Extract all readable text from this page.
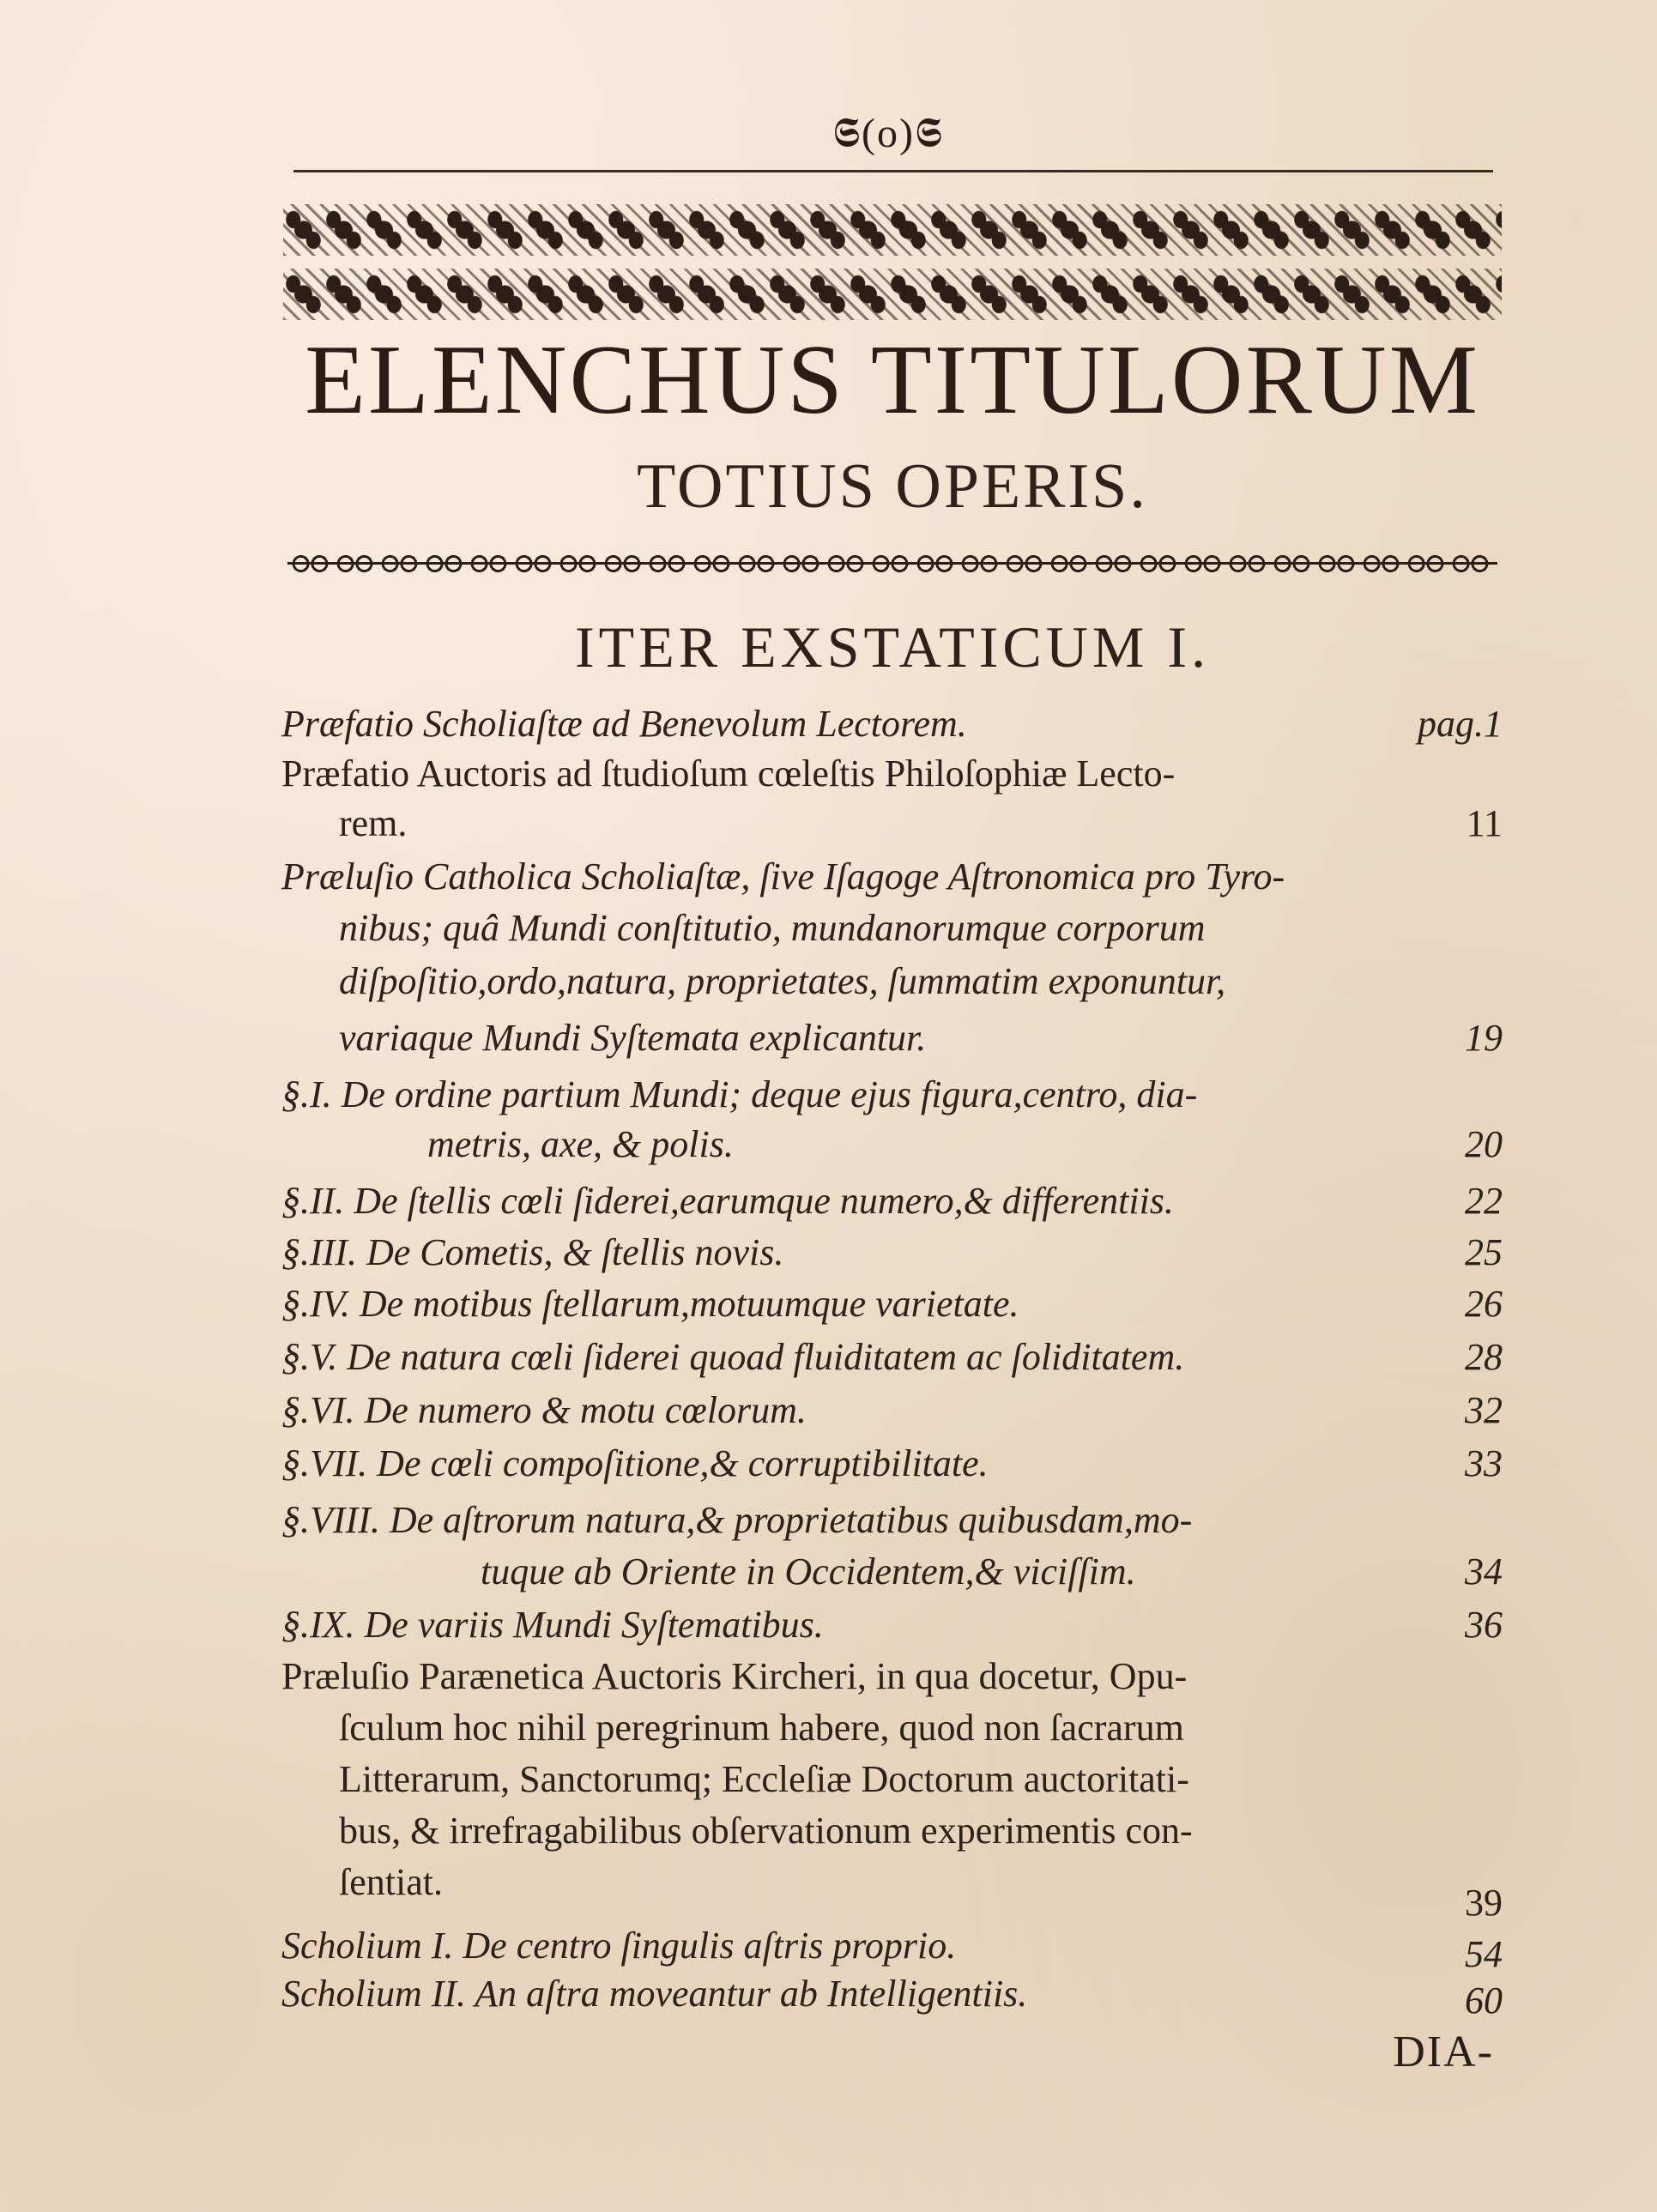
𝕾(o)𝕾
ELENCHUS TITULORUM
TOTIUS OPERIS.
ITER EXSTATICUM I.
Præfatio Scholiaſtæ ad Benevolum Lectorem.	pag.1
Præfatio Auctoris ad ſtudioſum cœleſtis Philoſophiæ Lecto-
rem.	11
Præluſio Catholica Scholiaſtæ, ſive Iſagoge Aſtronomica pro Tyro-
nibus; quâ Mundi conſtitutio, mundanorumque corporum
diſpoſitio,ordo,natura, proprietates, ſummatim exponuntur,
variaque Mundi Syſtemata explicantur.	19
§.I. De ordine partium Mundi; deque ejus figura,centro, dia-
metris, axe, & polis.	20
§.II. De ſtellis cœli ſiderei,earumque numero,& differentiis.	22
§.III. De Cometis, & ſtellis novis.	25
§.IV. De motibus ſtellarum,motuumque varietate.	26
§.V. De natura cœli ſiderei quoad fluiditatem ac ſoliditatem.	28
§.VI. De numero & motu cœlorum.	32
§.VII. De cœli compoſitione,& corruptibilitate.	33
§.VIII. De aſtrorum natura,& proprietatibus quibusdam,mo-
tuque ab Oriente in Occidentem,& viciſſim.	34
§.IX. De variis Mundi Syſtematibus.	36
Præluſio Parænetica Auctoris Kircheri, in qua docetur, Opu-
ſculum hoc nihil peregrinum habere, quod non ſacrarum
Litterarum, Sanctorumq; Eccleſiæ Doctorum auctoritati-
bus, & irrefragabilibus obſervationum experimentis con-
ſentiat.	39
Scholium I. De centro ſingulis aſtris proprio.	54
Scholium II. An aſtra moveantur ab Intelligentiis.	60
DIA-
